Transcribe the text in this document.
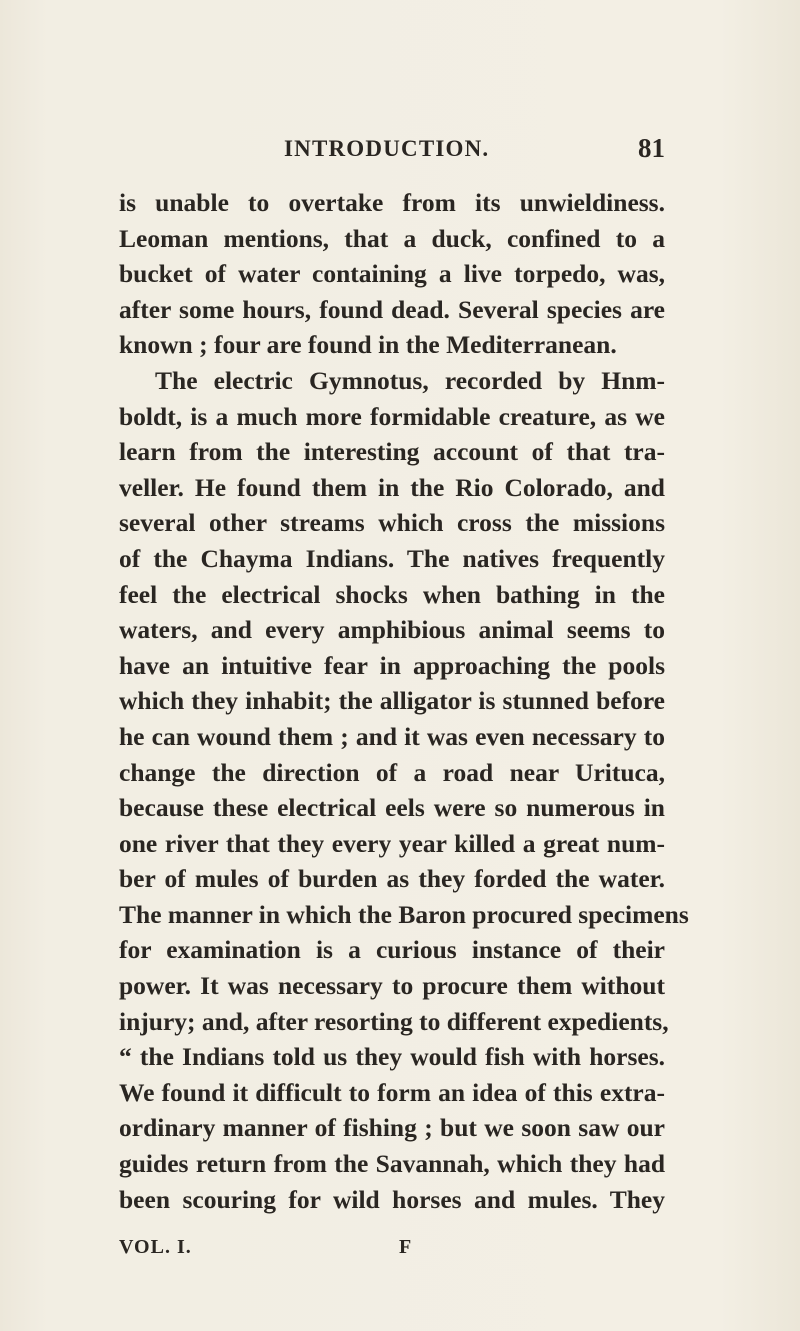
INTRODUCTION.	81
is unable to overtake from its unwieldiness.
Leoman mentions, that a duck, confined to a
bucket of water containing a live torpedo, was,
after some hours, found dead. Several species are
known ; four are found in the Mediterranean.
The electric Gymnotus, recorded by Hnm-
boldt, is a much more formidable creature, as we
learn from the interesting account of that tra-
veller. He found them in the Rio Colorado, and
several other streams which cross the missions
of the Chayma Indians. The natives frequently
feel the electrical shocks when bathing in the
waters, and every amphibious animal seems to
have an intuitive fear in approaching the pools
which they inhabit; the alligator is stunned before
he can wound them ; and it was even necessary to
change the direction of a road near Urituca,
because these electrical eels were so numerous in
one river that they every year killed a great num-
ber of mules of burden as they forded the water.
The manner in which the Baron procured specimens
for examination is a curious instance of their
power. It was necessary to procure them without
injury; and, after resorting to different expedients,
“ the Indians told us they would fish with horses.
We found it difficult to form an idea of this extra-
ordinary manner of fishing ; but we soon saw our
guides return from the Savannah, which they had
been scouring for wild horses and mules. They
VOL. I.	F
